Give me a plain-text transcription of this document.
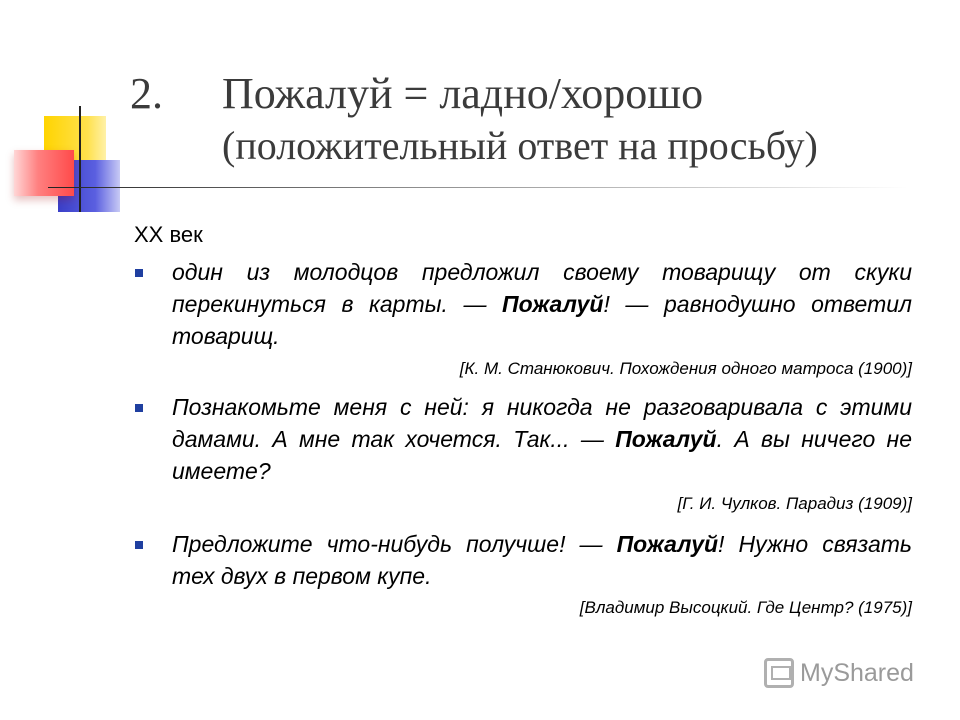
2. Пожалуй = ладно/хорошо
(положительный ответ на просьбу)
XX век
один из молодцов предложил своему товарищу от скуки перекинуться в карты. — Пожалуй! — равнодушно ответил товарищ.
[К. М. Станюкович. Похождения одного матроса (1900)]
Познакомьте меня с ней: я никогда не разговаривала с этими дамами. А мне так хочется. Так... — Пожалуй. А вы ничего не имеете?
[Г. И. Чулков. Парадиз (1909)]
Предложите что-нибудь получше! — Пожалуй! Нужно связать тех двух в первом купе.
[Владимир Высоцкий. Где Центр? (1975)]
MyShared
